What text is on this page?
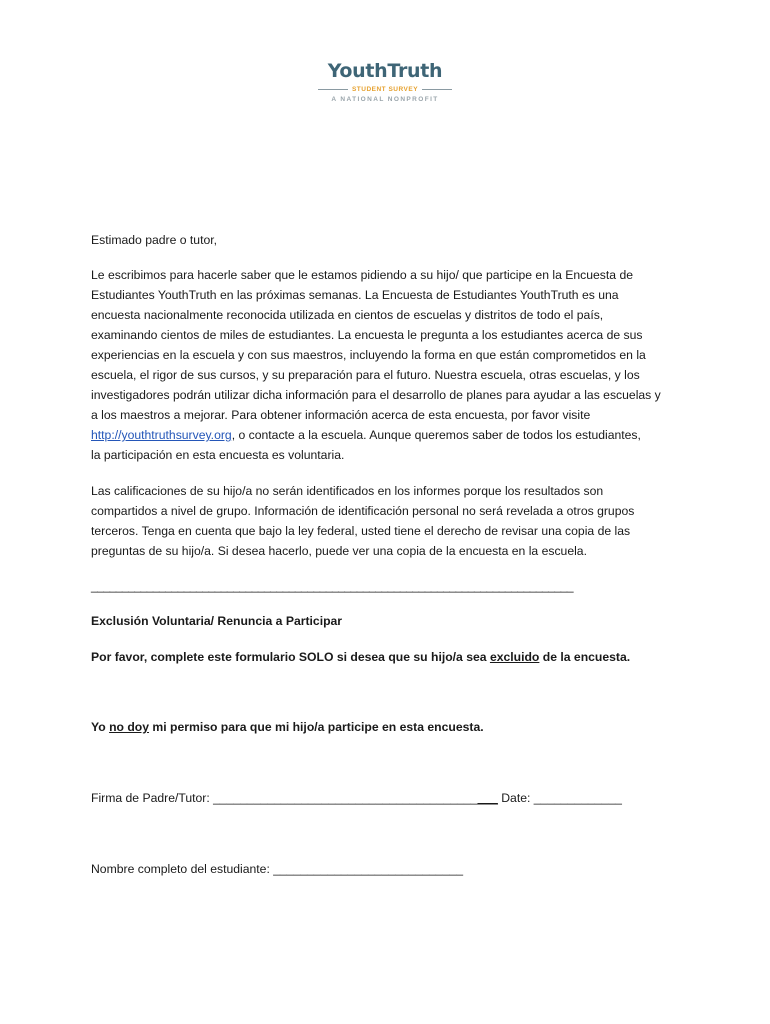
YouthTruth
STUDENT SURVEY
A NATIONAL NONPROFIT
Estimado padre o tutor,

Le escribimos para hacerle saber que le estamos pidiendo a su hijo/ que participe en la Encuesta de

Estudiantes YouthTruth en las próximas semanas. La Encuesta de Estudiantes YouthTruth es una

encuesta nacionalmente reconocida utilizada en cientos de escuelas y distritos de todo el país,

examinando cientos de miles de estudiantes. La encuesta le pregunta a los estudiantes acerca de sus

experiencias en la escuela y con sus maestros, incluyendo la forma en que están comprometidos en la

escuela, el rigor de sus cursos, y su preparación para el futuro. Nuestra escuela, otras escuelas, y los

investigadores podrán utilizar dicha información para el desarrollo de planes para ayudar a las escuelas y

a los maestros a mejorar. Para obtener información acerca de esta encuesta, por favor visite

http://youthtruthsurvey.org, o contacte a la escuela. Aunque queremos saber de todos los estudiantes,

la participación en esta encuesta es voluntaria.

Las calificaciones de su hijo/a no serán identificados en los informes porque los resultados son

compartidos a nivel de grupo. Información de identificación personal no será revelada a otros grupos

terceros. Tenga en cuenta que bajo la ley federal, usted tiene el derecho de revisar una copia de las

preguntas de su hijo/a. Si desea hacerlo, puede ver una copia de la encuesta en la escuela.

______________________________________________________________________________
Exclusión Voluntaria/ Renuncia a Participar
Por favor, complete este formulario SOLO si desea que su hijo/a sea excluido de la encuesta.
Yo no doy mi permiso para que mi hijo/a participe en esta encuesta.
Firma de Padre/Tutor: __________________________________________ Date: _____________
Nombre completo del estudiante: ____________________________
